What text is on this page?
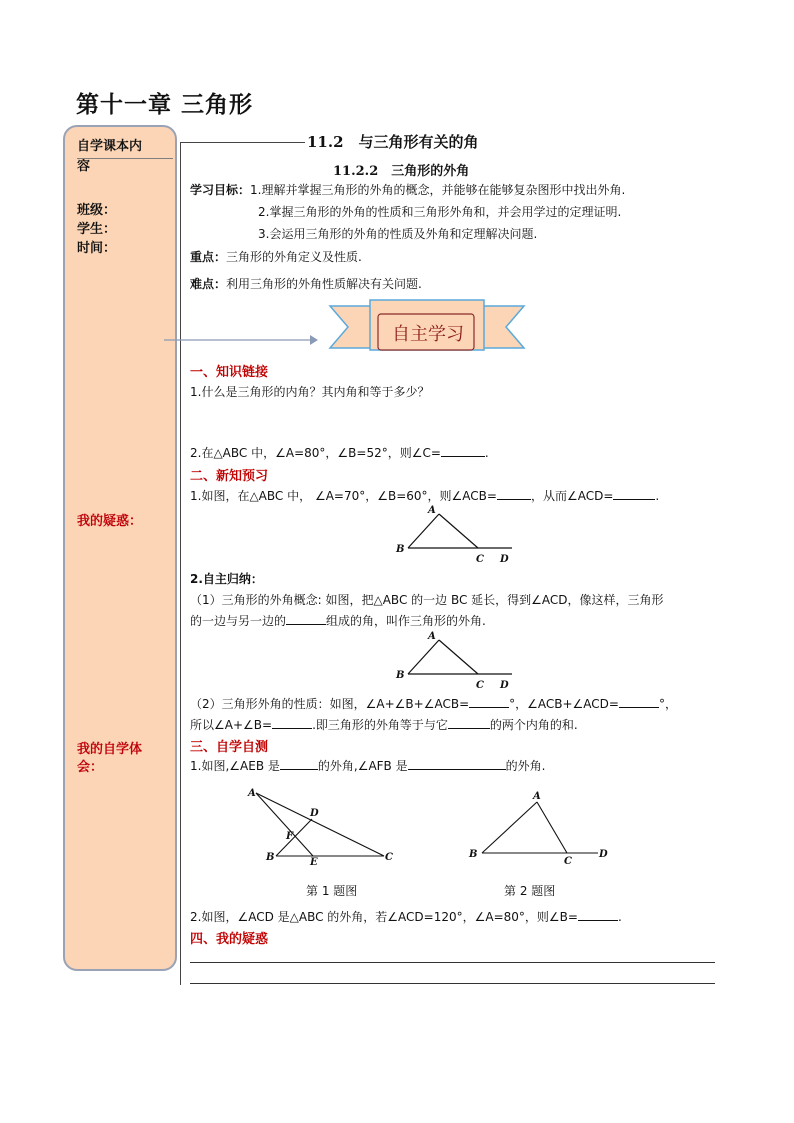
第十一章 三角形
自学课本内
容
班级：
学生：
时间：
我的疑惑：
我的自学体
会：
11.2　与三角形有关的角
11.2.2　三角形的外角
学习目标：1.理解并掌握三角形的外角的概念，并能够在能够复杂图形中找出外角.
2.掌握三角形的外角的性质和三角形外角和，并会用学过的定理证明.
3.会运用三角形的外角的性质及外角和定理解决问题.
重点：三角形的外角定义及性质.
难点：利用三角形的外角性质解决有关问题.
自主学习
一、知识链接
1.什么是三角形的内角？其内角和等于多少？
2.在△ABC 中，∠A=80°，∠B=52°，则∠C=	.
二、新知预习
1.如图，在△ABC 中， ∠A=70°，∠B=60°，则∠ACB=	，从而∠ACD=	.
A
B
C D
2.自主归纳：
（1）三角形的外角概念: 如图，把△ABC 的一边 BC 延长，得到∠ACD，像这样，三角形
的一边与另一边的	组成的角，叫作三角形的外角.
A
B
C D
（2）三角形外角的性质：如图，∠A+∠B+∠ACB=	°，∠ACB+∠ACD=	°，
所以∠A+∠B=	.即三角形的外角等于与它	的两个内角的和.
三、自学自测
1.如图,∠AEB 是	的外角,∠AFB 是	的外角.
A
D
F
B	E	C
A
B
C
D
第 1 题图	第 2 题图
2.如图，∠ACD 是△ABC 的外角，若∠ACD=120°，∠A=80°，则∠B=	.
四、我的疑惑
